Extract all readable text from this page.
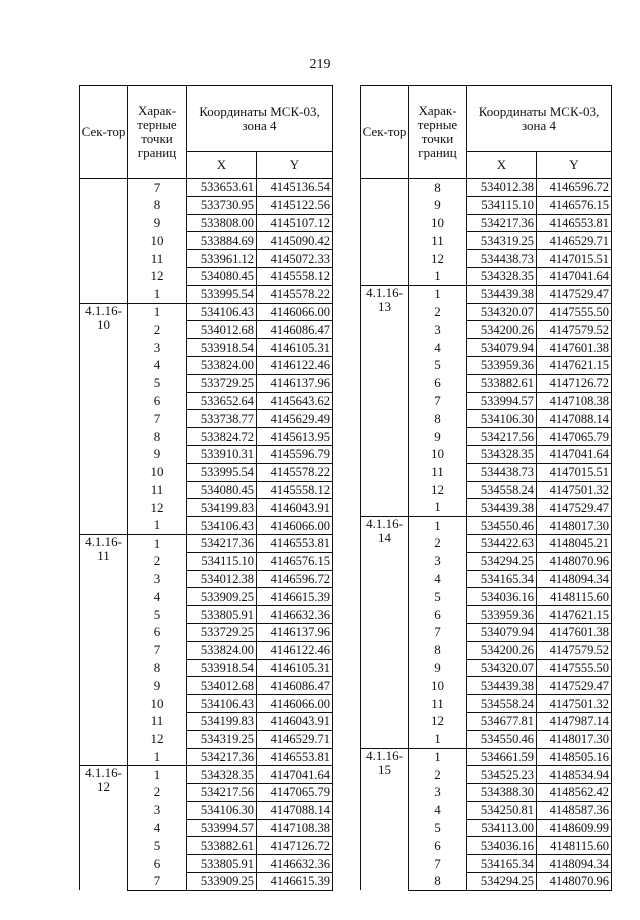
219
Сек-тор	Харак-терные точки границ	Координаты МСК-03, зона 4	
		X	Y
	7	533653.61	4145136.54
	8	533730.95	4145122.56
	9	533808.00	4145107.12
	10	533884.69	4145090.42
	11	533961.12	4145072.33
	12	534080.45	4145558.12
	1	533995.54	4145578.22
4.1.16-10	1	534106.43	4146066.00
	2	534012.68	4146086.47
	3	533918.54	4146105.31
	4	533824.00	4146122.46
	5	533729.25	4146137.96
	6	533652.64	4145643.62
	7	533738.77	4145629.49
	8	533824.72	4145613.95
	9	533910.31	4145596.79
	10	533995.54	4145578.22
	11	534080.45	4145558.12
	12	534199.83	4146043.91
	1	534106.43	4146066.00
4.1.16-11	1	534217.36	4146553.81
	2	534115.10	4146576.15
	3	534012.38	4146596.72
	4	533909.25	4146615.39
	5	533805.91	4146632.36
	6	533729.25	4146137.96
	7	533824.00	4146122.46
	8	533918.54	4146105.31
	9	534012.68	4146086.47
	10	534106.43	4146066.00
	11	534199.83	4146043.91
	12	534319.25	4146529.71
	1	534217.36	4146553.81
4.1.16-12	1	534328.35	4147041.64
	2	534217.56	4147065.79
	3	534106.30	4147088.14
	4	533994.57	4147108.38
	5	533882.61	4147126.72
	6	533805.91	4146632.36
	7	533909.25	4146615.39
Сек-тор	Харак-терные точки границ	Координаты МСК-03, зона 4	
		X	Y
	8	534012.38	4146596.72
	9	534115.10	4146576.15
	10	534217.36	4146553.81
	11	534319.25	4146529.71
	12	534438.73	4147015.51
	1	534328.35	4147041.64
4.1.16-13	1	534439.38	4147529.47
	2	534320.07	4147555.50
	3	534200.26	4147579.52
	4	534079.94	4147601.38
	5	533959.36	4147621.15
	6	533882.61	4147126.72
	7	533994.57	4147108.38
	8	534106.30	4147088.14
	9	534217.56	4147065.79
	10	534328.35	4147041.64
	11	534438.73	4147015.51
	12	534558.24	4147501.32
	1	534439.38	4147529.47
4.1.16-14	1	534550.46	4148017.30
	2	534422.63	4148045.21
	3	534294.25	4148070.96
	4	534165.34	4148094.34
	5	534036.16	4148115.60
	6	533959.36	4147621.15
	7	534079.94	4147601.38
	8	534200.26	4147579.52
	9	534320.07	4147555.50
	10	534439.38	4147529.47
	11	534558.24	4147501.32
	12	534677.81	4147987.14
	1	534550.46	4148017.30
4.1.16-15	1	534661.59	4148505.16
	2	534525.23	4148534.94
	3	534388.30	4148562.42
	4	534250.81	4148587.36
	5	534113.00	4148609.99
	6	534036.16	4148115.60
	7	534165.34	4148094.34
	8	534294.25	4148070.96
